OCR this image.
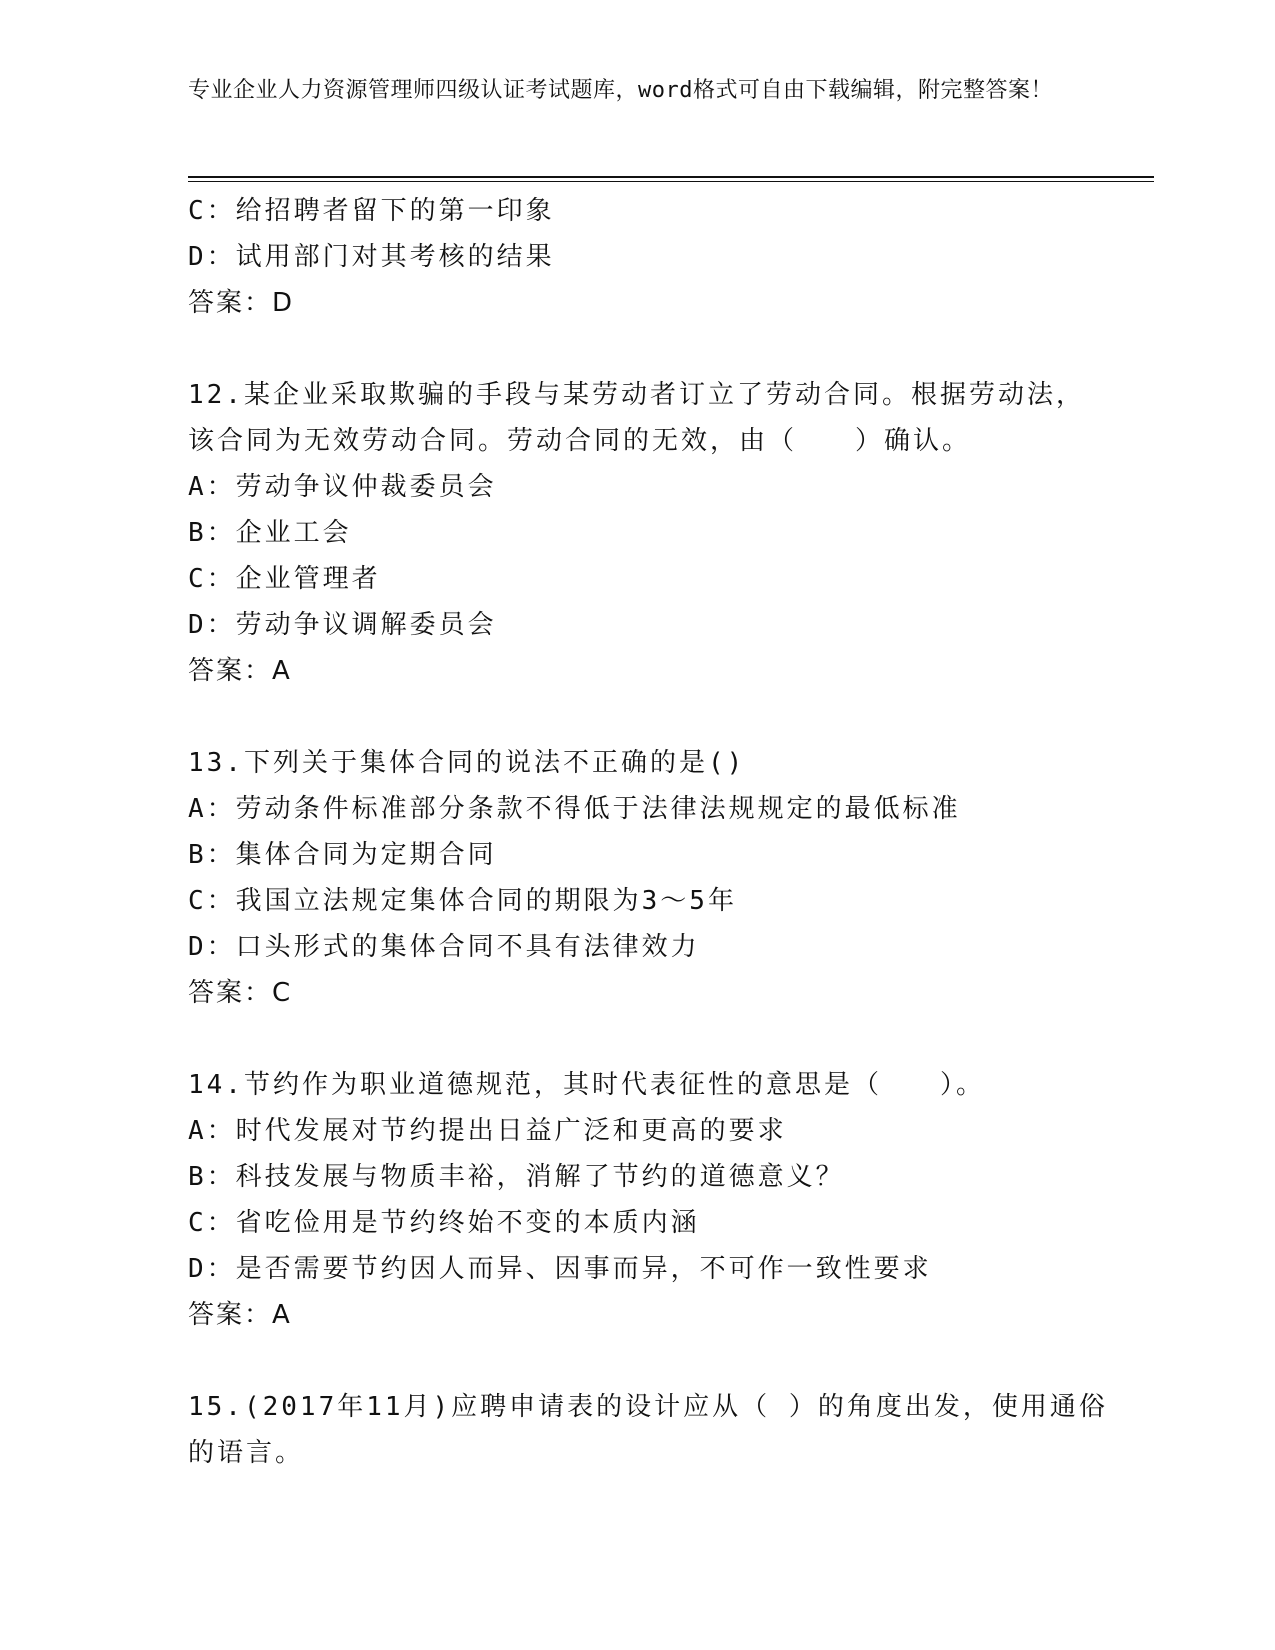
专业企业人力资源管理师四级认证考试题库，word格式可自由下载编辑，附完整答案！
C：给招聘者留下的第一印象
D：试用部门对其考核的结果
答案：D
12.某企业采取欺骗的手段与某劳动者订立了劳动合同。根据劳动法，
该合同为无效劳动合同。劳动合同的无效，由（　　）确认。
A：劳动争议仲裁委员会
B：企业工会
C：企业管理者
D：劳动争议调解委员会
答案：A
13.下列关于集体合同的说法不正确的是()
A：劳动条件标准部分条款不得低于法律法规规定的最低标准
B：集体合同为定期合同
C：我国立法规定集体合同的期限为3～5年
D：口头形式的集体合同不具有法律效力
答案：C
14.节约作为职业道德规范，其时代表征性的意思是（　　）。
A：时代发展对节约提出日益广泛和更高的要求
B：科技发展与物质丰裕，消解了节约的道德意义？
C：省吃俭用是节约终始不变的本质内涵
D：是否需要节约因人而异、因事而异，不可作一致性要求
答案：A
15.(2017年11月)应聘申请表的设计应从（ ）的角度出发，使用通俗
的语言。
